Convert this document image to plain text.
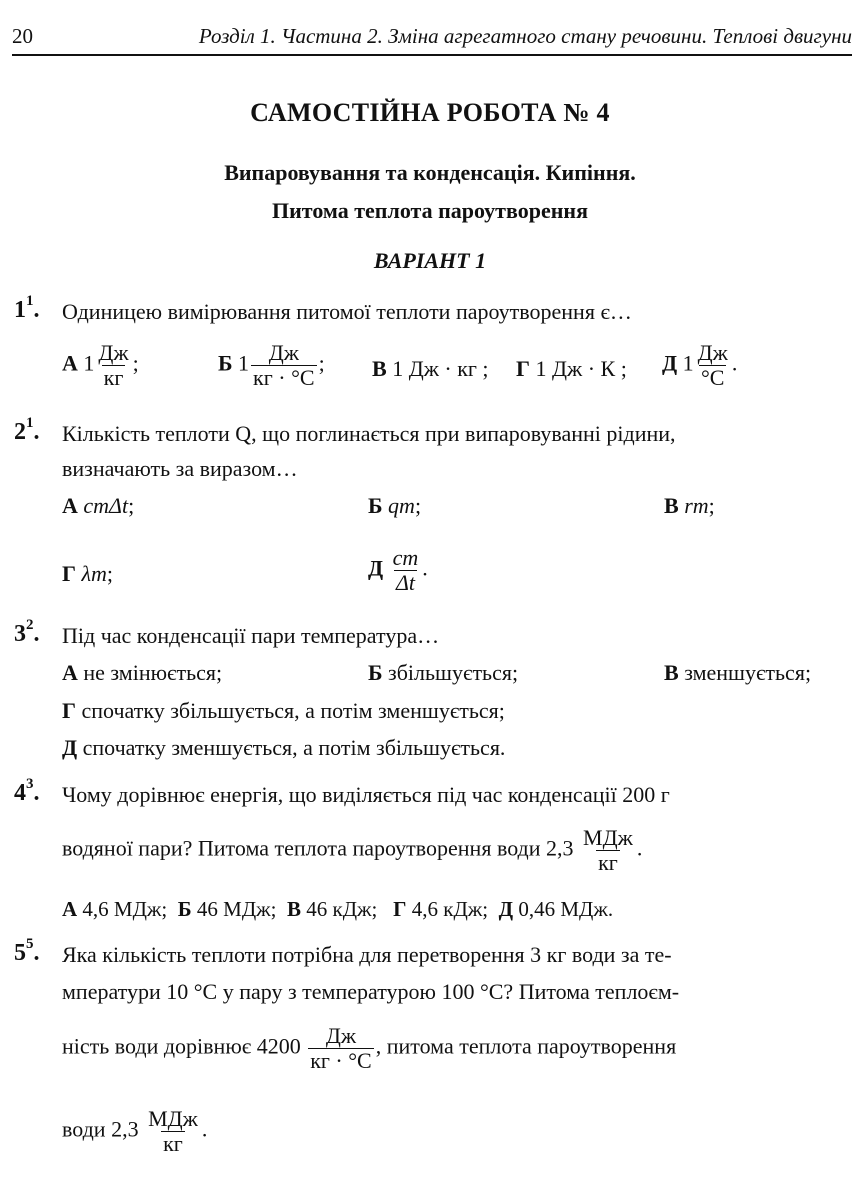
20	Розділ 1. Частина 2. Зміна агрегатного стану речовини. Теплові двигуни
САМОСТІЙНА РОБОТА № 4
Випаровування та конденсація. Кипіння.
Питома теплота пароутворення
ВАРІАНТ 1
$1^1$. Одиницею вимірювання питомої теплоти пароутворення є…
А $1 \frac{Дж}{кг}$ ;	Б $1 \frac{Дж}{кг \cdot ^\circ С}$ ; В 1 Дж · кг ; Г 1 Дж · К ; Д $1 \frac{Дж}{^\circ С}$ .
$2^1$. Кількість теплоти Q, що поглинається при випаровуванні рідини,
визначають за виразом…
А cmΔt;	Б qm;	В rm;
Г λm;	Д $\frac{cm}{\Delta t}$ .
$3^2$. Під час конденсації пари температура…
А не змінюється;	Б збільшується;	В зменшується;
Г спочатку збільшується, а потім зменшується;
Д спочатку зменшується, а потім збільшується.
$4^3$. Чому дорівнює енергія, що виділяється під час конденсації 200 г
водяної пари? Питома теплота пароутворення води $2,3 \frac{\text{МДж}}{кг}$ .
А 4,6 МДж; Б 46 МДж; В 46 кДж; Г 4,6 кДж; Д 0,46 МДж.
$5^5$. Яка кількість теплоти потрібна для перетворення 3 кг води за те-
мператури 10 °С у пару з температурою 100 °С? Питома теплоєм-
ність води дорівнює $4200 \frac{Дж}{кг \cdot ^\circ С}$ , питома теплота пароутворення
води $2,3 \frac{\text{МДж}}{кг}$ .
